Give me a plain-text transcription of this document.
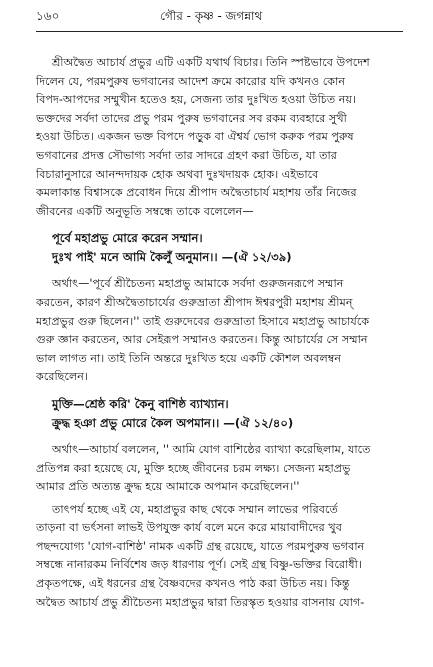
১৬০	গৌর - কৃষ্ণ - জগন্নাথ

শ্রীঅদ্বৈত আচার্য প্রভুর এটি একটি যথার্থ বিচার। তিনি স্পষ্টভাবে উপদেশ
দিলেন যে, পরমপুরুষ ভগবানের আদেশ ক্রমে কারোর যদি কখনও কোন
বিপদ-আপদের সম্মুখীন হতেও হয়, সেজন্য তার দুঃখিত হওয়া উচিত নয়।
ভক্তদের সর্বদা তাদের প্রভু পরম পুরুষ ভগবানের সব রকম ব্যবহারে সুখী
হওয়া উচিত। একজন ভক্ত বিপদে পড়ুক বা ঐশ্বর্য ভোগ করুক পরম পুরুষ
ভগবানের প্রদত্ত সৌভাগ্য সর্বদা তার সাদরে গ্রহণ করা উচিত, যা তার
বিচারানুসারে আনন্দদায়ক হোক অথবা দুঃখদায়ক হোক। এইভাবে
কমলাকান্ত বিশ্বাসকে প্রবোধন দিয়ে শ্রীপাদ অদ্বৈতাচার্য মহাশয় তাঁর নিজের
জীবনের একটি অনুভূতি সম্বন্ধে তাকে বলেলেন—

পূর্বে মহাপ্রভু মোরে করেন সম্মান।
দুঃখ পাই' মনে আমি কৈলুঁ অনুমান।। —(ঐ ১২/৩৯)

অর্থাৎ—'পূর্বে শ্রীচৈতন্য মহাপ্রভু আমাকে সর্বদা গুরুজনরূপে সম্মান
করতেন, কারণ শ্রীঅদ্বৈতাচার্যের গুরুভ্রাতা শ্রীপাদ ঈশ্বরপুরী মহাশয় শ্রীমন্
মহাপ্রভুর গুরু ছিলেন।'' তাই গুরুদেবের গুরুভ্রাতা হিসাবে মহাপ্রভু আচার্যকে
গুরু জ্ঞান করতেন, আর সেইরূপ সম্মানও করতেন। কিন্তু আচার্যের সে সম্মান
ভাল লাগত না। তাই তিনি অন্তরে দুঃখিত হয়ে একটি কৌশল অবলম্বন
করেছিলেন।

মুক্তি—শ্রেষ্ঠ করি' কৈনু বাশিষ্ঠ ব্যাখ্যান।
ক্রুদ্ধ হঞা প্রভু মোরে কৈল অপমান।। —(ঐ ১২/৪০)

অর্থাৎ—আচার্য বললেন, '' আমি যোগ বাশিষ্ঠের ব্যাখ্যা করেছিলাম, যাতে
প্রতিপন্ন করা হয়েছে যে, মুক্তি হচ্ছে জীবনের চরম লক্ষ্য। সেজন্য মহাপ্রভু
আমার প্রতি অত্যন্ত ক্রুদ্ধ হয়ে আমাকে অপমান করেছিলেন।''

তাৎপর্য হচ্ছে এই যে, মহাপ্রভুর কাছ থেকে সম্মান লাভের পরিবর্তে
তাড়না বা ভর্ৎসনা লাভই উপযুক্ত কার্য বলে মনে করে মায়াবাদীদের খুব
পছন্দযোগ্য 'যোগ-বাশিষ্ঠ' নামক একটি গ্রন্থ রয়েছে, যাতে পরমপুরুষ ভগবান
সম্বন্ধে নানারকম নির্বিশেষ জড় ধারণায় পূর্ণ। সেই গ্রন্থ বিষ্ণু-ভক্তির বিরোধী।
প্রকৃতপক্ষে, এই ধরনের গ্রন্থ বৈষ্ণবদের কখনও পাঠ করা উচিত নয়। কিন্তু
অদ্বৈত আচার্য প্রভু শ্রীচৈতন্য মহাপ্রভুর দ্বারা তিরস্কৃত হওয়ার বাসনায় যোগ-
